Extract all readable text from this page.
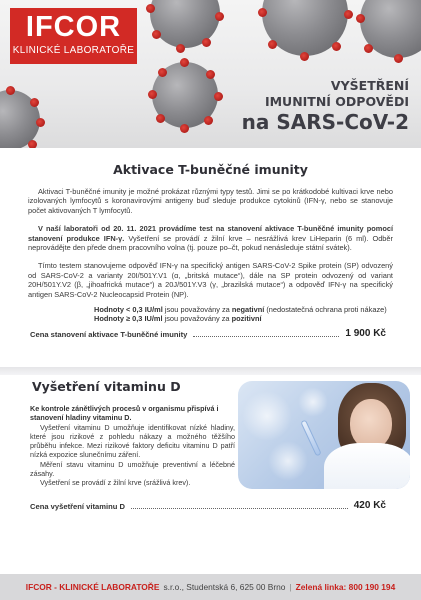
IFCOR
KLINICKÉ LABORATOŘE
VYŠETŘENÍ
IMUNITNÍ ODPOVĚDI
na SARS-CoV-2
Aktivace T-buněčné imunity

Aktivaci T-buněčné imunity je možné prokázat různými typy testů. Jimi se po krátkodobé kultivaci krve nebo izolovaných lymfocytů s koronavirovými antigeny buď sleduje produkce cytokinů (IFN-γ, nebo se stanovuje počet aktivovaných T lymfocytů.

V naší laboratoři od 20. 11. 2021 provádíme test na stanovení aktivace T-buněčné imunity pomocí stanovení produkce IFN-γ. Vyšetření se provádí z žilní krve – nesrážlivá krev LiHeparin (6 ml). Odběr neprovádějte den přede dnem pracovního volna (tj. pouze po–čt, pokud nenásleduje státní svátek).

Tímto testem stanovujeme odpověď IFN-γ na specifický antigen SARS-CoV-2 Spike protein (SP) odvozený od SARS-CoV-2 a varianty 20I/501Y.V1 (α, „britská mutace“), dále na SP protein odvozený od variant 20H/501Y.V2 (β, „jihoafrická mutace“) a 20J/501Y.V3 (γ, „brazilská mutace“) a odpověď IFN-γ na specifický antigen SARS-CoV-2 Nucleocapsid Protein (NP).

Hodnoty < 0,3 IU/ml jsou považovány za negativní (nedostatečná ochrana proti nákaze)
Hodnoty ≥ 0,3 IU/ml jsou považovány za pozitivní
Cena stanovení aktivace T-buněčné imunity	1 900 Kč
Vyšetření vitaminu D

Ke kontrole zánětlivých procesů v organismu přispívá i stanovení hladiny vitaminu D.

Vyšetření vitaminu D umožňuje identifikovat nízké hladiny, které jsou rizikové z pohledu nákazy a možného těžšího průběhu infekce. Mezi rizikové faktory deficitu vitaminu D patří nízká expozice slunečnímu záření.

Měření stavu vitaminu D umožňuje preventivní a léčebné zásahy.

Vyšetření se provádí z žilní krve (srážlivá krev).

Cena vyšetření vitaminu D	420 Kč
IFCOR - KLINICKÉ LABORATOŘE s.r.o., Studentská 6, 625 00 Brno | Zelená linka: 800 190 194
